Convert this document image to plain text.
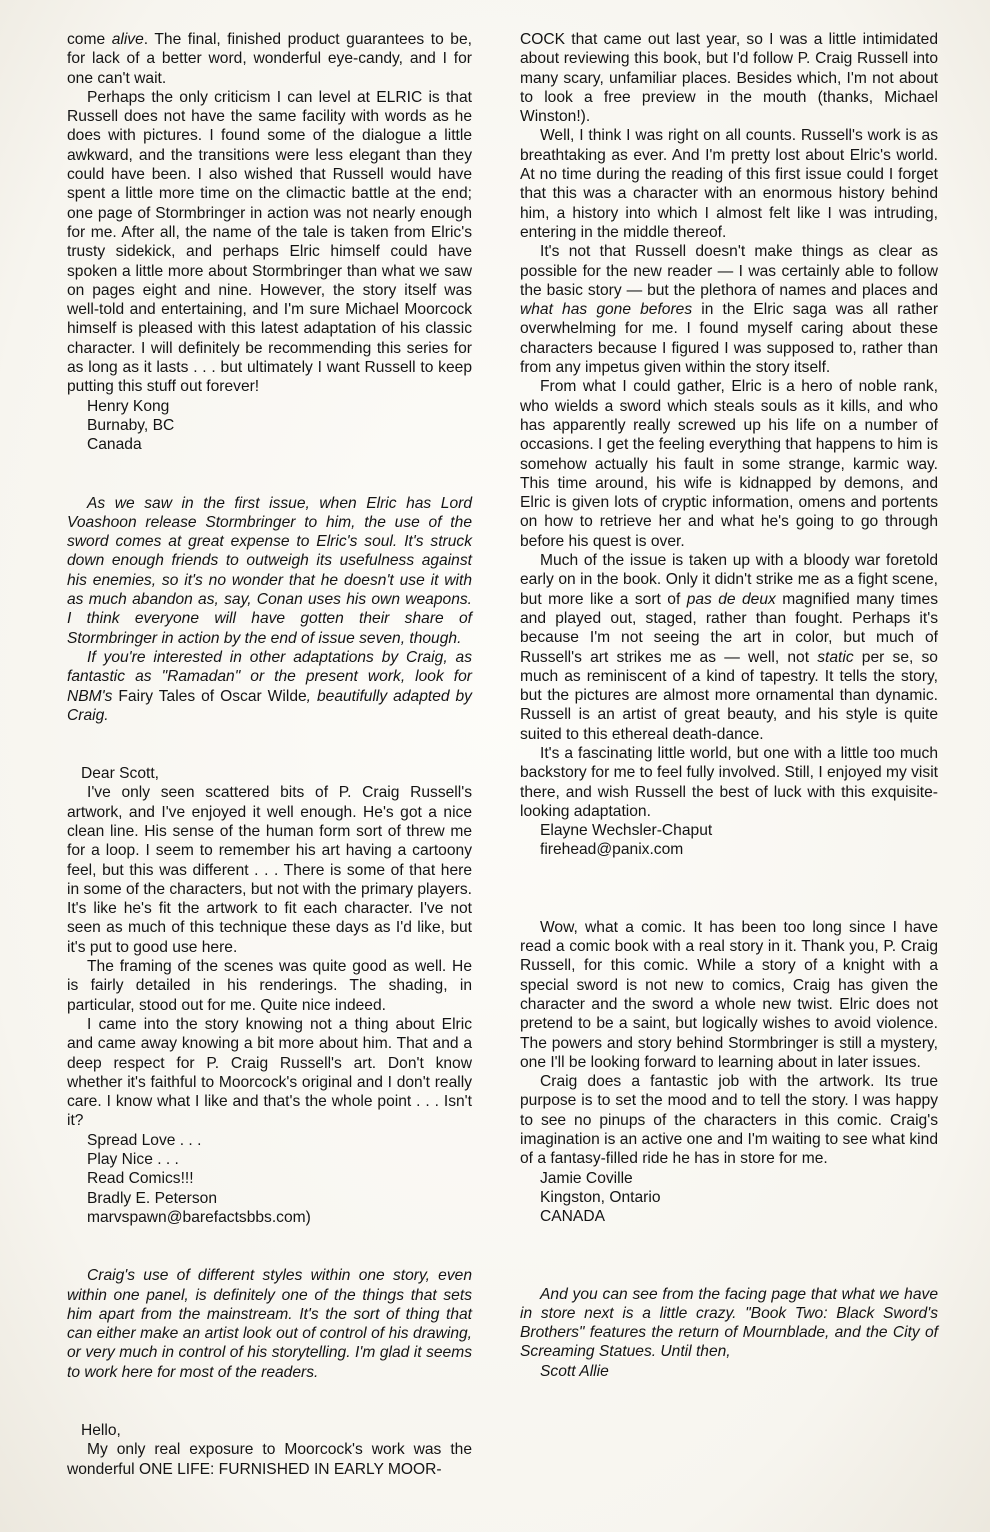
come alive. The final, finished product guarantees to be, for lack of a better word, wonderful eye-candy, and I for one can't wait.

Perhaps the only criticism I can level at ELRIC is that Russell does not have the same facility with words as he does with pictures. I found some of the dialogue a little awkward, and the transitions were less elegant than they could have been. I also wished that Russell would have spent a little more time on the climactic battle at the end; one page of Stormbringer in action was not nearly enough for me. After all, the name of the tale is taken from Elric's trusty sidekick, and perhaps Elric himself could have spoken a little more about Stormbringer than what we saw on pages eight and nine. However, the story itself was well-told and entertaining, and I'm sure Michael Moorcock himself is pleased with this latest adaptation of his classic character. I will definitely be recommending this series for as long as it lasts . . . but ultimately I want Russell to keep putting this stuff out forever!

Henry Kong
Burnaby, BC
Canada

As we saw in the first issue, when Elric has Lord Voashoon release Stormbringer to him, the use of the sword comes at great expense to Elric's soul. It's struck down enough friends to outweigh its usefulness against his enemies, so it's no wonder that he doesn't use it with as much abandon as, say, Conan uses his own weapons. I think everyone will have gotten their share of Stormbringer in action by the end of issue seven, though.

If you're interested in other adaptations by Craig, as fantastic as "Ramadan" or the present work, look for NBM's Fairy Tales of Oscar Wilde, beautifully adapted by Craig.

Dear Scott,

I've only seen scattered bits of P. Craig Russell's artwork, and I've enjoyed it well enough. He's got a nice clean line. His sense of the human form sort of threw me for a loop. I seem to remember his art having a cartoony feel, but this was different . . . There is some of that here in some of the characters, but not with the primary players. It's like he's fit the artwork to fit each character. I've not seen as much of this technique these days as I'd like, but it's put to good use here.

The framing of the scenes was quite good as well. He is fairly detailed in his renderings. The shading, in particular, stood out for me. Quite nice indeed.

I came into the story knowing not a thing about Elric and came away knowing a bit more about him. That and a deep respect for P. Craig Russell's art. Don't know whether it's faithful to Moorcock's original and I don't really care. I know what I like and that's the whole point . . . Isn't it?

Spread Love . . .
Play Nice . . .
Read Comics!!!
Bradly E. Peterson
marvspawn@barefactsbbs.com)

Craig's use of different styles within one story, even within one panel, is definitely one of the things that sets him apart from the mainstream. It's the sort of thing that can either make an artist look out of control of his drawing, or very much in control of his storytelling. I'm glad it seems to work here for most of the readers.

Hello,

My only real exposure to Moorcock's work was the wonderful ONE LIFE: FURNISHED IN EARLY MOOR-

COCK that came out last year, so I was a little intimidated about reviewing this book, but I'd follow P. Craig Russell into many scary, unfamiliar places. Besides which, I'm not about to look a free preview in the mouth (thanks, Michael Winston!).

Well, I think I was right on all counts. Russell's work is as breathtaking as ever. And I'm pretty lost about Elric's world. At no time during the reading of this first issue could I forget that this was a character with an enormous history behind him, a history into which I almost felt like I was intruding, entering in the middle thereof.

It's not that Russell doesn't make things as clear as possible for the new reader — I was certainly able to follow the basic story — but the plethora of names and places and what has gone befores in the Elric saga was all rather overwhelming for me. I found myself caring about these characters because I figured I was supposed to, rather than from any impetus given within the story itself.

From what I could gather, Elric is a hero of noble rank, who wields a sword which steals souls as it kills, and who has apparently really screwed up his life on a number of occasions. I get the feeling everything that happens to him is somehow actually his fault in some strange, karmic way. This time around, his wife is kidnapped by demons, and Elric is given lots of cryptic information, omens and portents on how to retrieve her and what he's going to go through before his quest is over.

Much of the issue is taken up with a bloody war foretold early on in the book. Only it didn't strike me as a fight scene, but more like a sort of pas de deux magnified many times and played out, staged, rather than fought. Perhaps it's because I'm not seeing the art in color, but much of Russell's art strikes me as — well, not static per se, so much as reminiscent of a kind of tapestry. It tells the story, but the pictures are almost more ornamental than dynamic. Russell is an artist of great beauty, and his style is quite suited to this ethereal death-dance.

It's a fascinating little world, but one with a little too much backstory for me to feel fully involved. Still, I enjoyed my visit there, and wish Russell the best of luck with this exquisite-looking adaptation.

Elayne Wechsler-Chaput
firehead@panix.com

Wow, what a comic. It has been too long since I have read a comic book with a real story in it. Thank you, P. Craig Russell, for this comic. While a story of a knight with a special sword is not new to comics, Craig has given the character and the sword a whole new twist. Elric does not pretend to be a saint, but logically wishes to avoid violence. The powers and story behind Stormbringer is still a mystery, one I'll be looking forward to learning about in later issues.

Craig does a fantastic job with the artwork. Its true purpose is to set the mood and to tell the story. I was happy to see no pinups of the characters in this comic. Craig's imagination is an active one and I'm waiting to see what kind of a fantasy-filled ride he has in store for me.

Jamie Coville
Kingston, Ontario
CANADA

And you can see from the facing page that what we have in store next is a little crazy. "Book Two: Black Sword's Brothers" features the return of Mournblade, and the City of Screaming Statues. Until then,

Scott Allie
